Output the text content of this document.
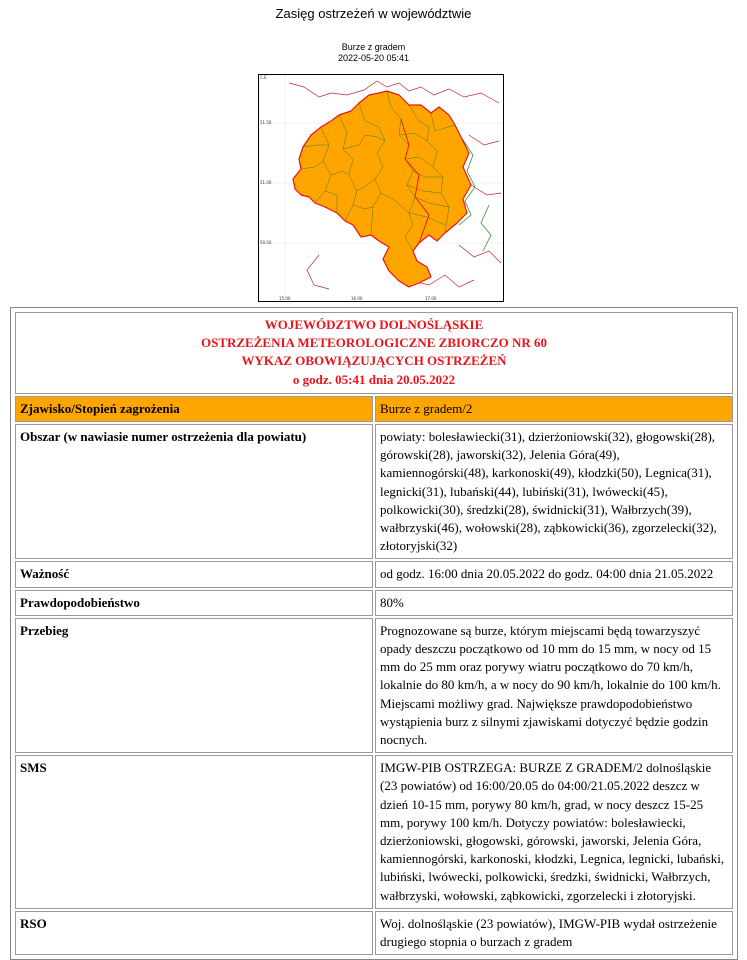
Zasięg ostrzeżeń w województwie
Burze z gradem
2022-05-20 05:41
C.E
51.50
51.00
50.50
15.00	16.00	17.00
WOJEWÓDZTWO DOLNOŚLĄSKIE
OSTRZEŻENIA METEOROLOGICZNE ZBIORCZO NR 60
WYKAZ OBOWIĄZUJĄCYCH OSTRZEŻEŃ
o godz. 05:41 dnia 20.05.2022	

Zjawisko/Stopień zagrożenia	Burze z gradem/2
Obszar (w nawiasie numer ostrzeżenia dla powiatu)	powiaty: bolesławiecki(31), dzierżoniowski(32), głogowski(28), górowski(28), jaworski(32), Jelenia Góra(49), kamiennogórski(48), karkonoski(49), kłodzki(50), Legnica(31), legnicki(31), lubański(44), lubiński(31), lwówecki(45), polkowicki(30), średzki(28), świdnicki(31), Wałbrzych(39), wałbrzyski(46), wołowski(28), ząbkowicki(36), zgorzelecki(32), złotoryjski(32)
Ważność	od godz. 16:00 dnia 20.05.2022 do godz. 04:00 dnia 21.05.2022
Prawdopodobieństwo	80%
Przebieg	Prognozowane są burze, którym miejscami będą towarzyszyć opady deszczu początkowo od 10 mm do 15 mm, w nocy od 15 mm do 25 mm oraz porywy wiatru początkowo do 70 km/h, lokalnie do 80 km/h, a w nocy do 90 km/h, lokalnie do 100 km/h. Miejscami możliwy grad. Największe prawdopodobieństwo wystąpienia burz z silnymi zjawiskami dotyczyć będzie godzin nocnych.
SMS	IMGW-PIB OSTRZEGA: BURZE Z GRADEM/2 dolnośląskie (23 powiatów) od 16:00/20.05 do 04:00/21.05.2022 deszcz w dzień 10-15 mm, porywy 80 km/h, grad, w nocy deszcz 15-25 mm, porywy 100 km/h. Dotyczy powiatów: bolesławiecki, dzierżoniowski, głogowski, górowski, jaworski, Jelenia Góra, kamiennogórski, karkonoski, kłodzki, Legnica, legnicki, lubański, lubiński, lwówecki, polkowicki, średzki, świdnicki, Wałbrzych, wałbrzyski, wołowski, ząbkowicki, zgorzelecki i złotoryjski.
RSO	Woj. dolnośląskie (23 powiatów), IMGW-PIB wydał ostrzeżenie drugiego stopnia o burzach z gradem
